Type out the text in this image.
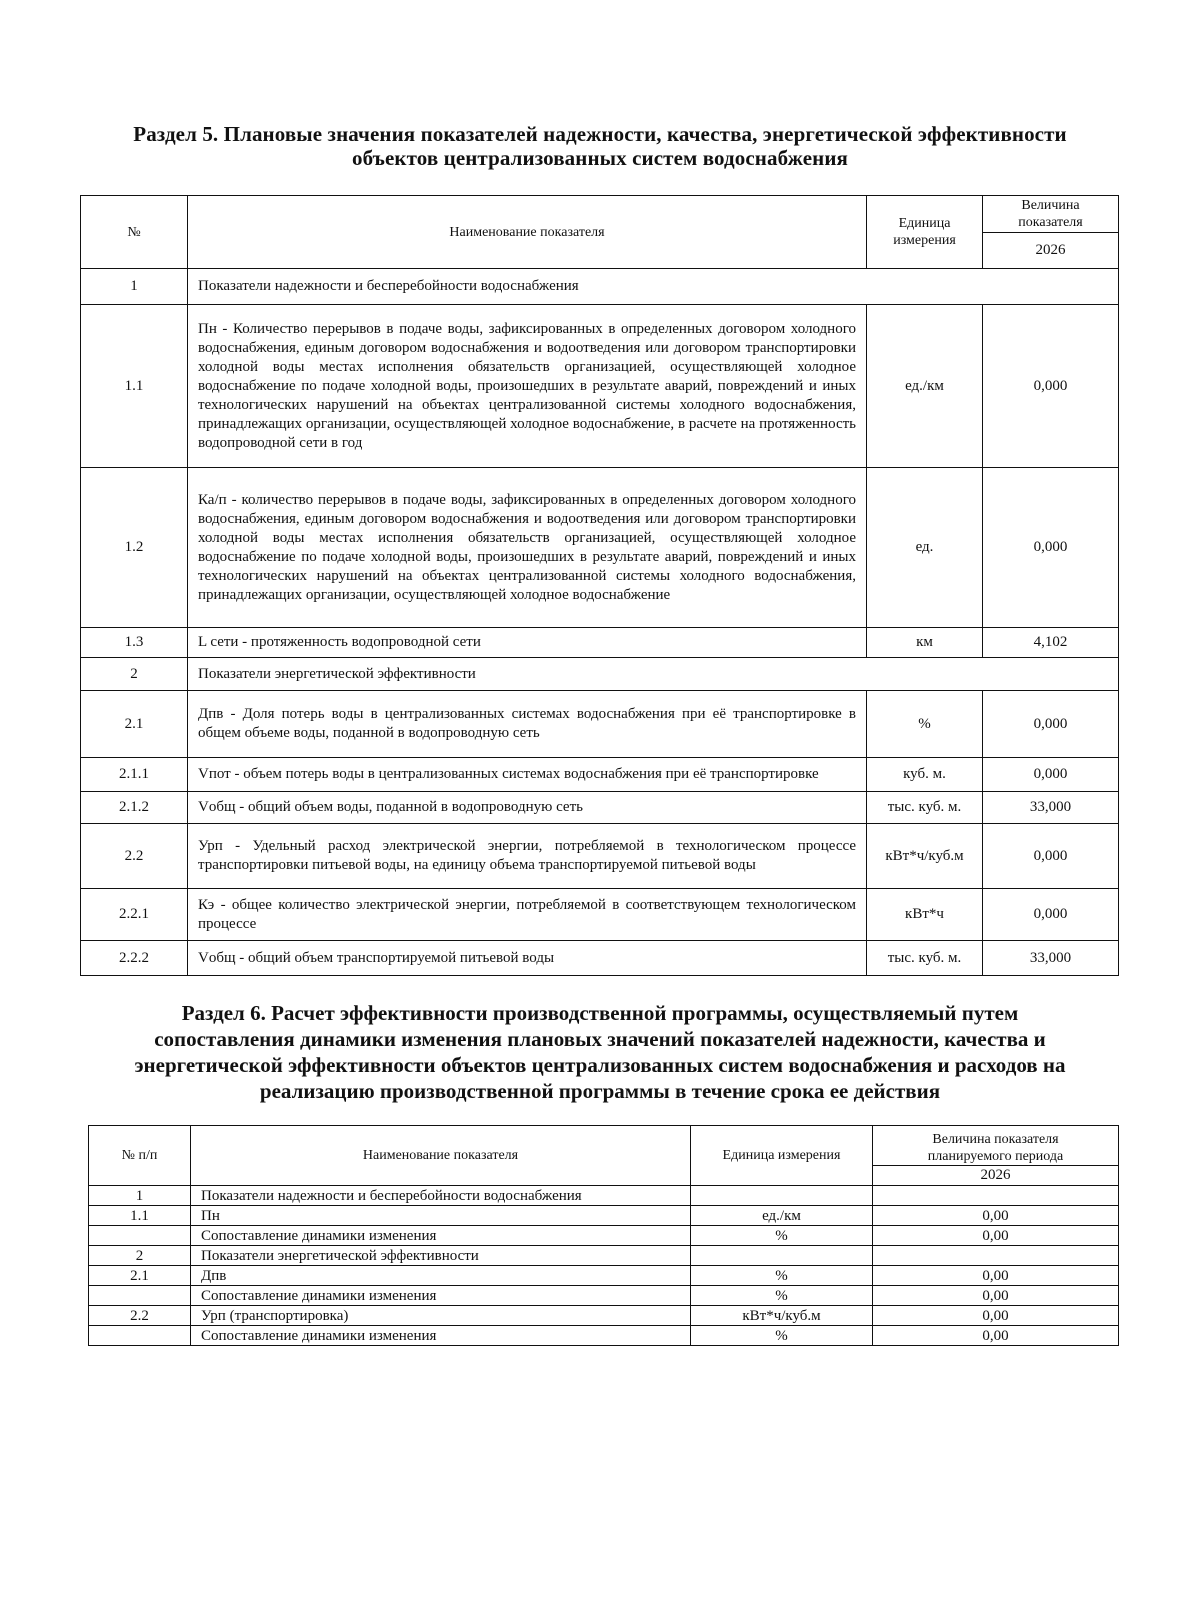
Раздел 5. Плановые значения показателей надежности, качества, энергетической эффективности
объектов централизованных систем водоснабжения
№	Наименование показателя	Единица измерения	Величина показателя
			2026
1	Показатели надежности и бесперебойности водоснабжения		
1.1	Пн - Количество перерывов в подаче воды, зафиксированных в определенных договором холодного водоснабжения, единым договором водоснабжения и водоотведения или договором транспортировки холодной воды местах исполнения обязательств организацией, осуществляющей холодное водоснабжение по подаче холодной воды, произошедших в результате аварий, повреждений и иных технологических нарушений на объектах централизованной системы холодного водоснабжения, принадлежащих организации, осуществляющей холодное водоснабжение, в расчете на протяженность водопроводной сети в год	ед./км	0,000
1.2	Ка/п - количество перерывов в подаче воды, зафиксированных в определенных договором холодного водоснабжения, единым договором водоснабжения и водоотведения или договором транспортировки холодной воды местах исполнения обязательств организацией, осуществляющей холодное водоснабжение по подаче холодной воды, произошедших в результате аварий, повреждений и иных технологических нарушений на объектах централизованной системы холодного водоснабжения, принадлежащих организации, осуществляющей холодное водоснабжение	ед.	0,000
1.3	L сети - протяженность водопроводной сети	км	4,102
2	Показатели энергетической эффективности		
2.1	Дпв - Доля потерь воды в централизованных системах водоснабжения при её транспортировке в общем объеме воды, поданной в водопроводную сеть	%	0,000
2.1.1	Vпот - объем потерь воды в централизованных системах водоснабжения при её транспортировке	куб. м.	0,000
2.1.2	Vобщ - общий объем воды, поданной в водопроводную сеть	тыс. куб. м.	33,000
2.2	Урп - Удельный расход электрической энергии, потребляемой в технологическом процессе транспортировки питьевой воды, на единицу объема транспортируемой питьевой воды	кВт*ч/куб.м	0,000
2.2.1	Кэ - общее количество электрической энергии, потребляемой в соответствующем технологическом процессе	кВт*ч	0,000
2.2.2	Vобщ - общий объем транспортируемой питьевой воды	тыс. куб. м.	33,000
Раздел 6. Расчет эффективности производственной программы, осуществляемый путем
сопоставления динамики изменения плановых значений показателей надежности, качества и
энергетической эффективности объектов централизованных систем водоснабжения и расходов на
реализацию производственной программы в течение срока ее действия
№ п/п	Наименование показателя	Единица измерения	Величина показателя
планируемого периода

			2026
1	Показатели надежности и бесперебойности водоснабжения		
1.1	Пн	ед./км	0,00
	Сопоставление динамики изменения	%	0,00
2	Показатели энергетической эффективности		
2.1	Дпв	%	0,00
	Сопоставление динамики изменения	%	0,00
2.2	Урп (транспортировка)	кВт*ч/куб.м	0,00
	Сопоставление динамики изменения	%	0,00
